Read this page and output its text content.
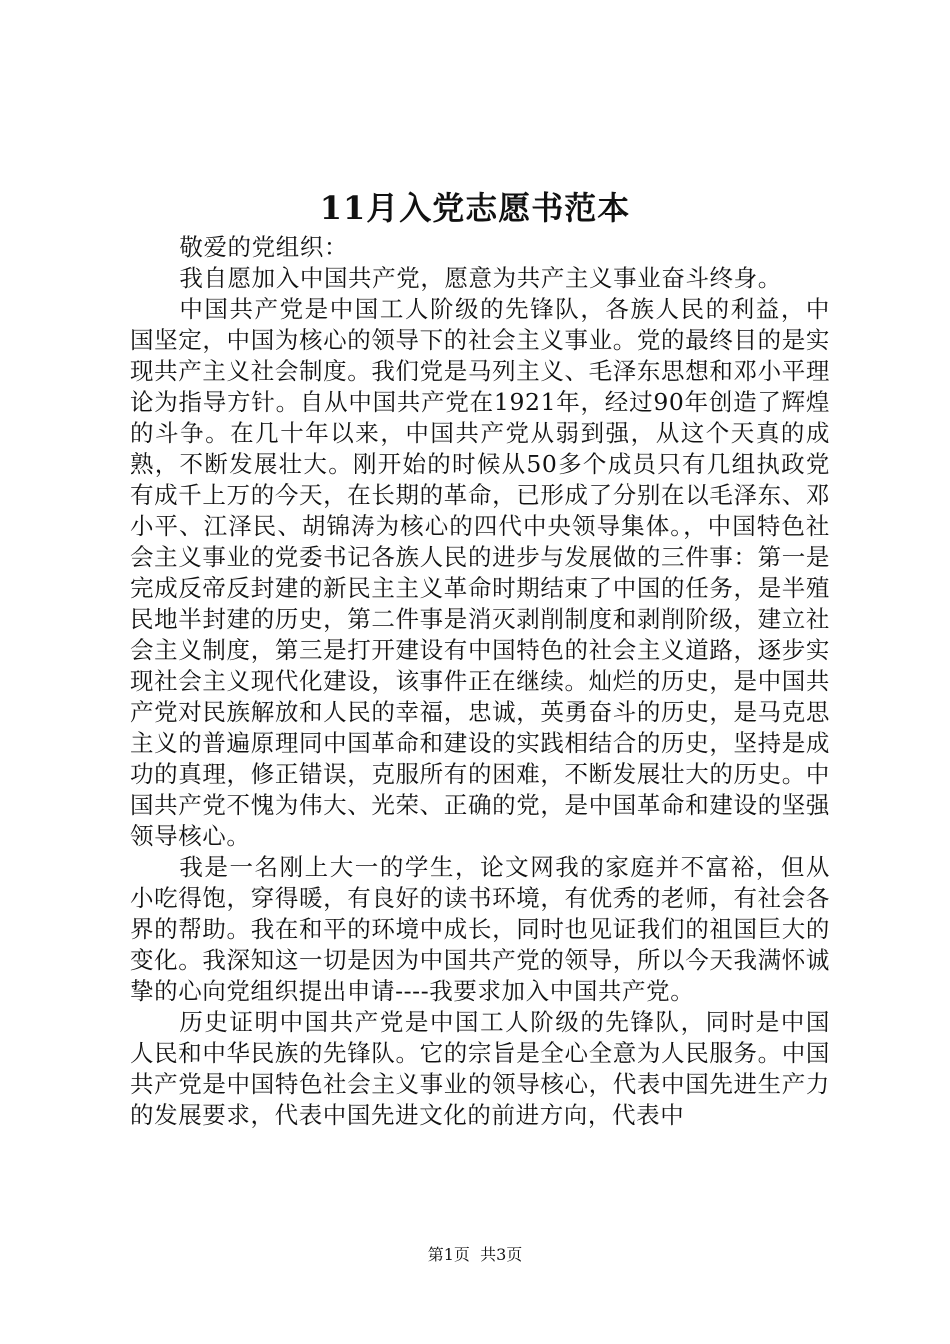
11月入党志愿书范本

敬爱的党组织：

我自愿加入中国共产党，愿意为共产主义事业奋斗终身。

中国共产党是中国工人阶级的先锋队，各族人民的利益，中国坚定，中国为核心的领导下的社会主义事业。党的最终目的是实现共产主义社会制度。我们党是马列主义、毛泽东思想和邓小平理论为指导方针。自从中国共产党在1921年，经过90年创造了辉煌的斗争。在几十年以来，中国共产党从弱到强，从这个天真的成熟，不断发展壮大。刚开始的时候从50多个成员只有几组执政党有成千上万的今天，在长期的革命，已形成了分别在以毛泽东、邓小平、江泽民、胡锦涛为核心的四代中央领导集体。，中国特色社会主义事业的党委书记各族人民的进步与发展做的三件事：第一是完成反帝反封建的新民主主义革命时期结束了中国的任务，是半殖民地半封建的历史，第二件事是消灭剥削制度和剥削阶级，建立社会主义制度，第三是打开建设有中国特色的社会主义道路，逐步实现社会主义现代化建设，该事件正在继续。灿烂的历史，是中国共产党对民族解放和人民的幸福，忠诚，英勇奋斗的历史，是马克思主义的普遍原理同中国革命和建设的实践相结合的历史，坚持是成功的真理，修正错误，克服所有的困难，不断发展壮大的历史。中国共产党不愧为伟大、光荣、正确的党，是中国革命和建设的坚强领导核心。

我是一名刚上大一的学生，论文网我的家庭并不富裕，但从小吃得饱，穿得暖，有良好的读书环境，有优秀的老师，有社会各界的帮助。我在和平的环境中成长，同时也见证我们的祖国巨大的变化。我深知这一切是因为中国共产党的领导，所以今天我满怀诚挚的心向党组织提出申请----我要求加入中国共产党。

历史证明中国共产党是中国工人阶级的先锋队，同时是中国人民和中华民族的先锋队。它的宗旨是全心全意为人民服务。中国共产党是中国特色社会主义事业的领导核心，代表中国先进生产力的发展要求，代表中国先进文化的前进方向，代表中

第1页 共3页
